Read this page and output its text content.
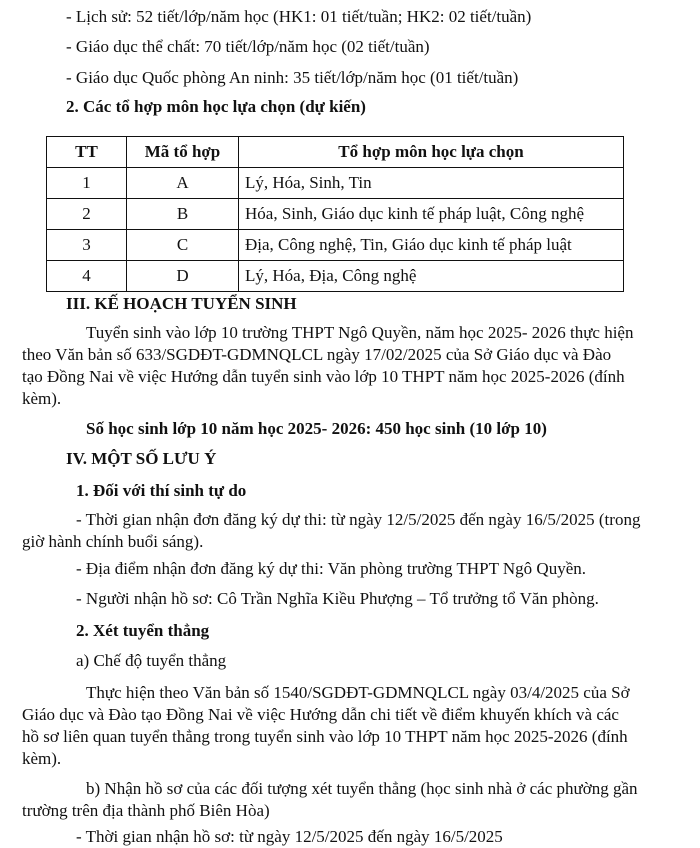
- Lịch sử: 52 tiết/lớp/năm học (HK1: 01 tiết/tuần; HK2: 02 tiết/tuần)
- Giáo dục thể chất: 70 tiết/lớp/năm học (02 tiết/tuần)
- Giáo dục Quốc phòng An ninh: 35 tiết/lớp/năm học (01 tiết/tuần)
2. Các tổ hợp môn học lựa chọn (dự kiến)
TT	Mã tổ hợp	Tổ hợp môn học lựa chọn
1	A	Lý, Hóa, Sinh, Tin
2	B	Hóa, Sinh, Giáo dục kinh tế pháp luật, Công nghệ
3	C	Địa, Công nghệ, Tin, Giáo dục kinh tế pháp luật
4	D	Lý, Hóa, Địa, Công nghệ
III. KẾ HOẠCH TUYỂN SINH
Tuyển sinh vào lớp 10 trường THPT Ngô Quyền, năm học 2025- 2026 thực hiện
theo Văn bản số 633/SGDĐT-GDMNQLCL ngày 17/02/2025 của Sở Giáo dục và Đào
tạo Đồng Nai về việc Hướng dẫn tuyển sinh vào lớp 10 THPT năm học 2025-2026 (đính
kèm).
Số học sinh lớp 10 năm học 2025- 2026: 450 học sinh (10 lớp 10)
IV. MỘT SỐ LƯU Ý
1. Đối với thí sinh tự do
- Thời gian nhận đơn đăng ký dự thi: từ ngày 12/5/2025 đến ngày 16/5/2025 (trong
giờ hành chính buổi sáng).
- Địa điểm nhận đơn đăng ký dự thi: Văn phòng trường THPT Ngô Quyền.
- Người nhận hồ sơ: Cô Trần Nghĩa Kiều Phượng – Tổ trưởng tổ Văn phòng.
2. Xét tuyển thẳng
a) Chế độ tuyển thẳng
Thực hiện theo Văn bản số 1540/SGDĐT-GDMNQLCL ngày 03/4/2025 của Sở
Giáo dục và Đào tạo Đồng Nai về việc Hướng dẫn chi tiết về điểm khuyến khích và các
hồ sơ liên quan tuyển thẳng trong tuyển sinh vào lớp 10 THPT năm học 2025-2026 (đính
kèm).
b) Nhận hồ sơ của các đối tượng xét tuyển thẳng (học sinh nhà ở các phường gần
trường trên địa thành phố Biên Hòa)
- Thời gian nhận hồ sơ: từ ngày 12/5/2025 đến ngày 16/5/2025
